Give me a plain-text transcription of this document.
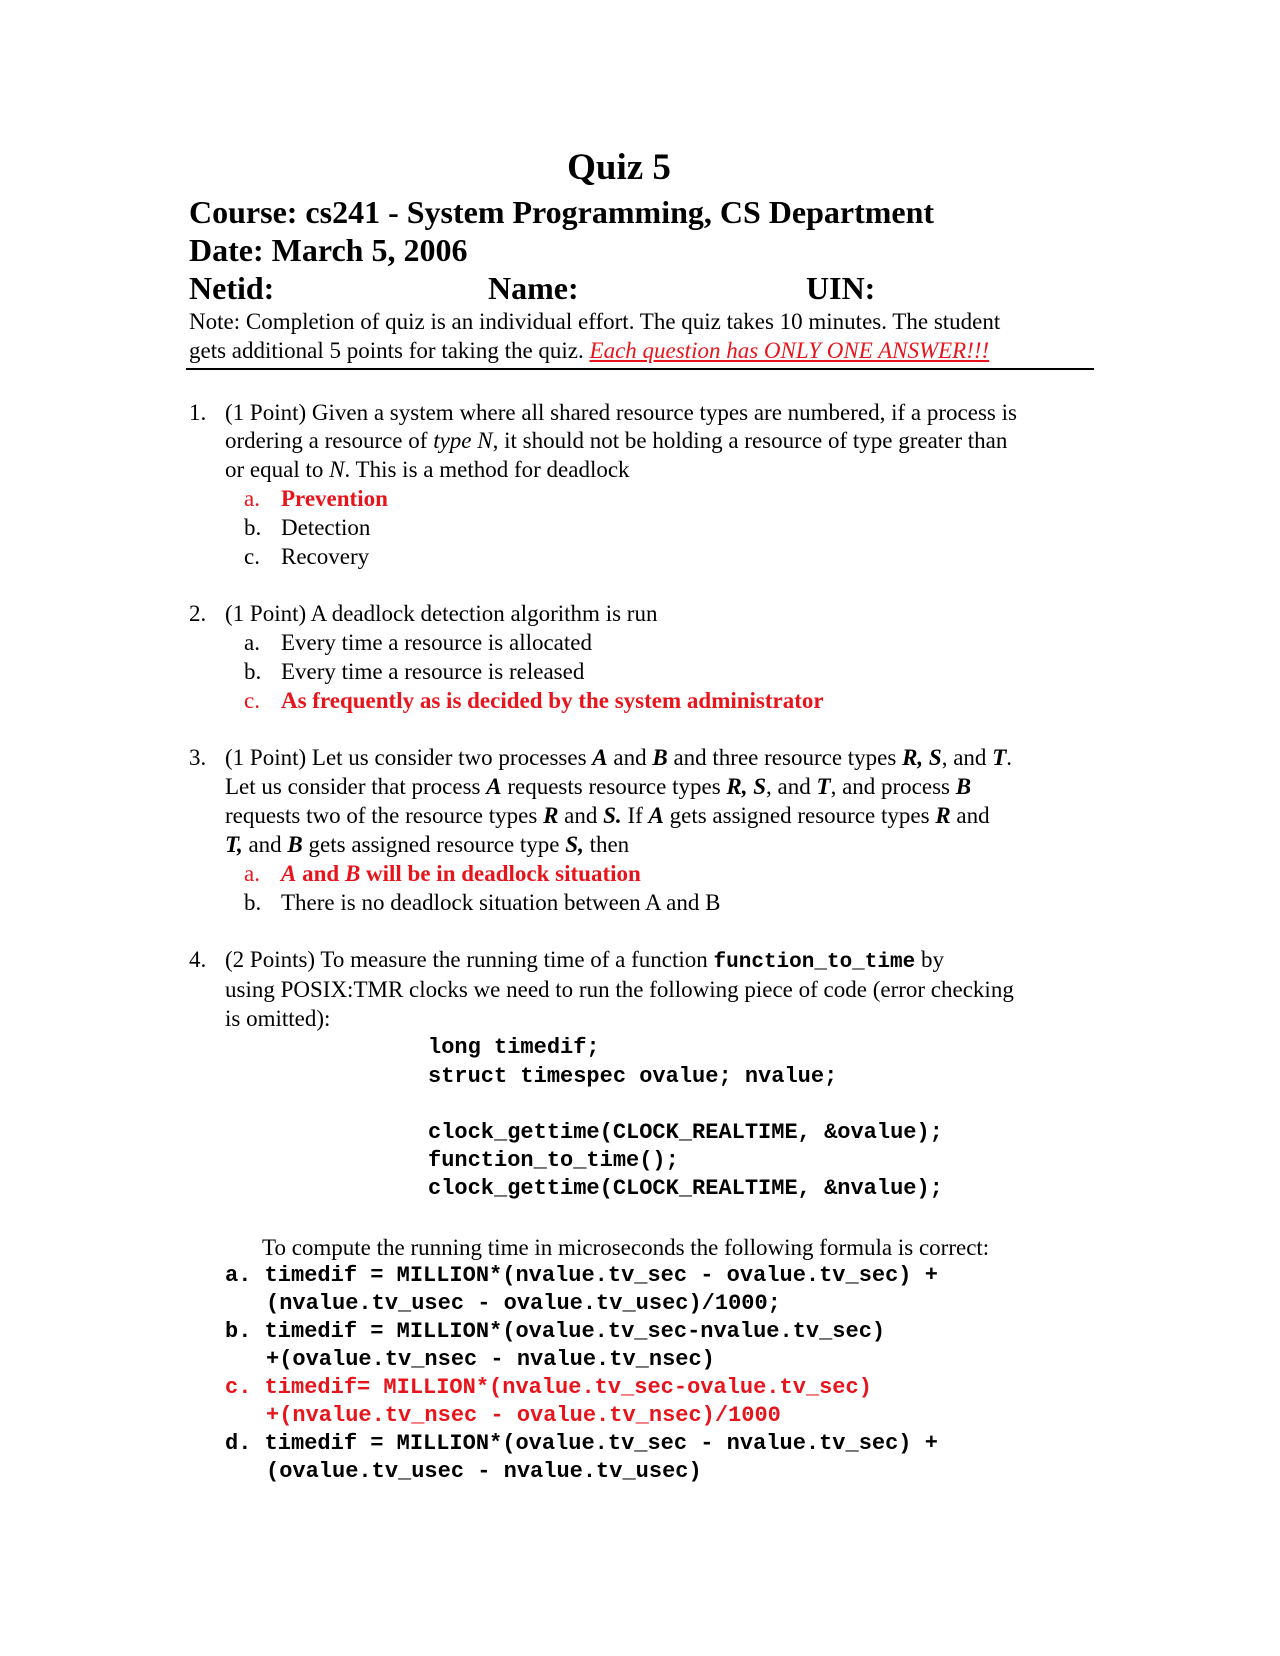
Quiz 5
Course: cs241 - System Programming, CS Department
Date: March 5, 2006
Netid:	Name:	UIN:
Note: Completion of quiz is an individual effort. The quiz takes 10 minutes. The student
gets additional 5 points for taking the quiz. Each question has ONLY ONE ANSWER!!!
1. (1 Point) Given a system where all shared resource types are numbered, if a process is
ordering a resource of type N, it should not be holding a resource of type greater than
or equal to N. This is a method for deadlock
a. Prevention
b. Detection
c. Recovery
2. (1 Point) A deadlock detection algorithm is run
a. Every time a resource is allocated
b. Every time a resource is released
c. As frequently as is decided by the system administrator
3. (1 Point) Let us consider two processes A and B and three resource types R, S, and T.
Let us consider that process A requests resource types R, S, and T, and process B
requests two of the resource types R and S. If A gets assigned resource types R and
T, and B gets assigned resource type S, then
a. A and B will be in deadlock situation
b. There is no deadlock situation between A and B
4. (2 Points) To measure the running time of a function function_to_time by
using POSIX:TMR clocks we need to run the following piece of code (error checking
is omitted):
long timedif;
struct timespec ovalue; nvalue;
clock_gettime(CLOCK_REALTIME, &ovalue);
function_to_time();
clock_gettime(CLOCK_REALTIME, &nvalue);
To compute the running time in microseconds the following formula is correct:
a. timedif = MILLION*(nvalue.tv_sec - ovalue.tv_sec) +
(nvalue.tv_usec - ovalue.tv_usec)/1000;
b. timedif = MILLION*(ovalue.tv_sec-nvalue.tv_sec)
+(ovalue.tv_nsec - nvalue.tv_nsec)
c. timedif= MILLION*(nvalue.tv_sec-ovalue.tv_sec)
+(nvalue.tv_nsec - ovalue.tv_nsec)/1000
d. timedif = MILLION*(ovalue.tv_sec - nvalue.tv_sec) +
(ovalue.tv_usec - nvalue.tv_usec)
